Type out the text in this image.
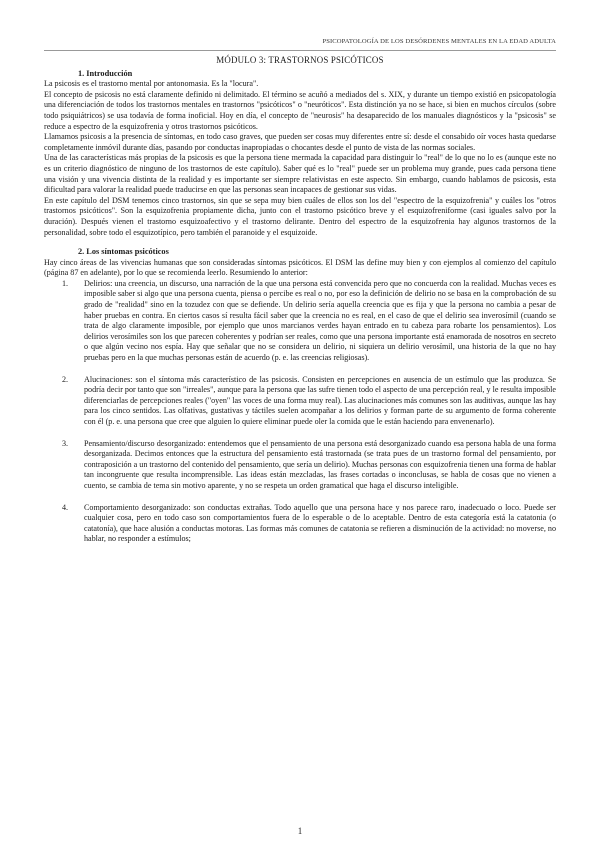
PSICOPATOLOGÍA DE LOS DESÓRDENES MENTALES EN LA EDAD ADULTA

MÓDULO 3: TRASTORNOS PSICÓTICOS

1. Introducción

La psicosis es el trastorno mental por antonomasia. Es la "locura".

El concepto de psicosis no está claramente definido ni delimitado. El término se acuñó a mediados del s. XIX, y durante un tiempo existió en psicopatología una diferenciación de todos los trastornos mentales en trastornos "psicóticos" o "neuróticos". Esta distinción ya no se hace, si bien en muchos círculos (sobre todo psiquiátricos) se usa todavía de forma inoficial. Hoy en día, el concepto de "neurosis" ha desaparecido de los manuales diagnósticos y la "psicosis" se reduce a espectro de la esquizofrenia y otros trastornos psicóticos.

Llamamos psicosis a la presencia de síntomas, en todo caso graves, que pueden ser cosas muy diferentes entre sí: desde el consabido oír voces hasta quedarse completamente inmóvil durante días, pasando por conductas inapropiadas o chocantes desde el punto de vista de las normas sociales.

Una de las características más propias de la psicosis es que la persona tiene mermada la capacidad para distinguir lo "real" de lo que no lo es (aunque este no es un criterio diagnóstico de ninguno de los trastornos de este capítulo). Saber qué es lo "real" puede ser un problema muy grande, pues cada persona tiene una visión y una vivencia distinta de la realidad y es importante ser siempre relativistas en este aspecto. Sin embargo, cuando hablamos de psicosis, esta dificultad para valorar la realidad puede traducirse en que las personas sean incapaces de gestionar sus vidas.

En este capítulo del DSM tenemos cinco trastornos, sin que se sepa muy bien cuáles de ellos son los del "espectro de la esquizofrenia" y cuáles los "otros trastornos psicóticos". Son la esquizofrenia propiamente dicha, junto con el trastorno psicótico breve y el esquizofreniforme (casi iguales salvo por la duración). Después vienen el trastorno esquizoafectivo y el trastorno delirante. Dentro del espectro de la esquizofrenia hay algunos trastornos de la personalidad, sobre todo el esquizotípico, pero también el paranoide y el esquizoide.

2. Los síntomas psicóticos

Hay cinco áreas de las vivencias humanas que son consideradas síntomas psicóticos. El DSM las define muy bien y con ejemplos al comienzo del capítulo (página 87 en adelante), por lo que se recomienda leerlo. Resumiendo lo anterior:

1. Delirios: una creencia, un discurso, una narración de la que una persona está convencida pero que no concuerda con la realidad. Muchas veces es imposible saber si algo que una persona cuenta, piensa o percibe es real o no, por eso la definición de delirio no se basa en la comprobación de su grado de "realidad" sino en la tozudez con que se defiende. Un delirio sería aquella creencia que es fija y que la persona no cambia a pesar de haber pruebas en contra. En ciertos casos sí resulta fácil saber que la creencia no es real, en el caso de que el delirio sea inverosímil (cuando se trata de algo claramente imposible, por ejemplo que unos marcianos verdes hayan entrado en tu cabeza para robarte los pensamientos). Los delirios verosímiles son los que parecen coherentes y podrían ser reales, como que una persona importante está enamorada de nosotros en secreto o que algún vecino nos espía. Hay que señalar que no se considera un delirio, ni siquiera un delirio verosímil, una historia de la que no hay pruebas pero en la que muchas personas están de acuerdo (p. e. las creencias religiosas).
2. Alucinaciones: son el síntoma más característico de las psicosis. Consisten en percepciones en ausencia de un estímulo que las produzca. Se podría decir por tanto que son "irreales", aunque para la persona que las sufre tienen todo el aspecto de una percepción real, y le resulta imposible diferenciarlas de percepciones reales ("oyen" las voces de una forma muy real). Las alucinaciones más comunes son las auditivas, aunque las hay para los cinco sentidos. Las olfativas, gustativas y táctiles suelen acompañar a los delirios y forman parte de su argumento de forma coherente con él (p. e. una persona que cree que alguien lo quiere eliminar puede oler la comida que le están haciendo para envenenarlo).
3. Pensamiento/discurso desorganizado: entendemos que el pensamiento de una persona está desorganizado cuando esa persona habla de una forma desorganizada. Decimos entonces que la estructura del pensamiento está trastornada (se trata pues de un trastorno formal del pensamiento, por contraposición a un trastorno del contenido del pensamiento, que sería un delirio). Muchas personas con esquizofrenia tienen una forma de hablar tan incongruente que resulta incomprensible. Las ideas están mezcladas, las frases cortadas o inconclusas, se habla de cosas que no vienen a cuento, se cambia de tema sin motivo aparente, y no se respeta un orden gramatical que haga el discurso inteligible.
4. Comportamiento desorganizado: son conductas extrañas. Todo aquello que una persona hace y nos parece raro, inadecuado o loco. Puede ser cualquier cosa, pero en todo caso son comportamientos fuera de lo esperable o de lo aceptable. Dentro de esta categoría está la catatonia (o catatonía), que hace alusión a conductas motoras. Las formas más comunes de catatonia se refieren a disminución de la actividad: no moverse, no hablar, no responder a estímulos;
1
